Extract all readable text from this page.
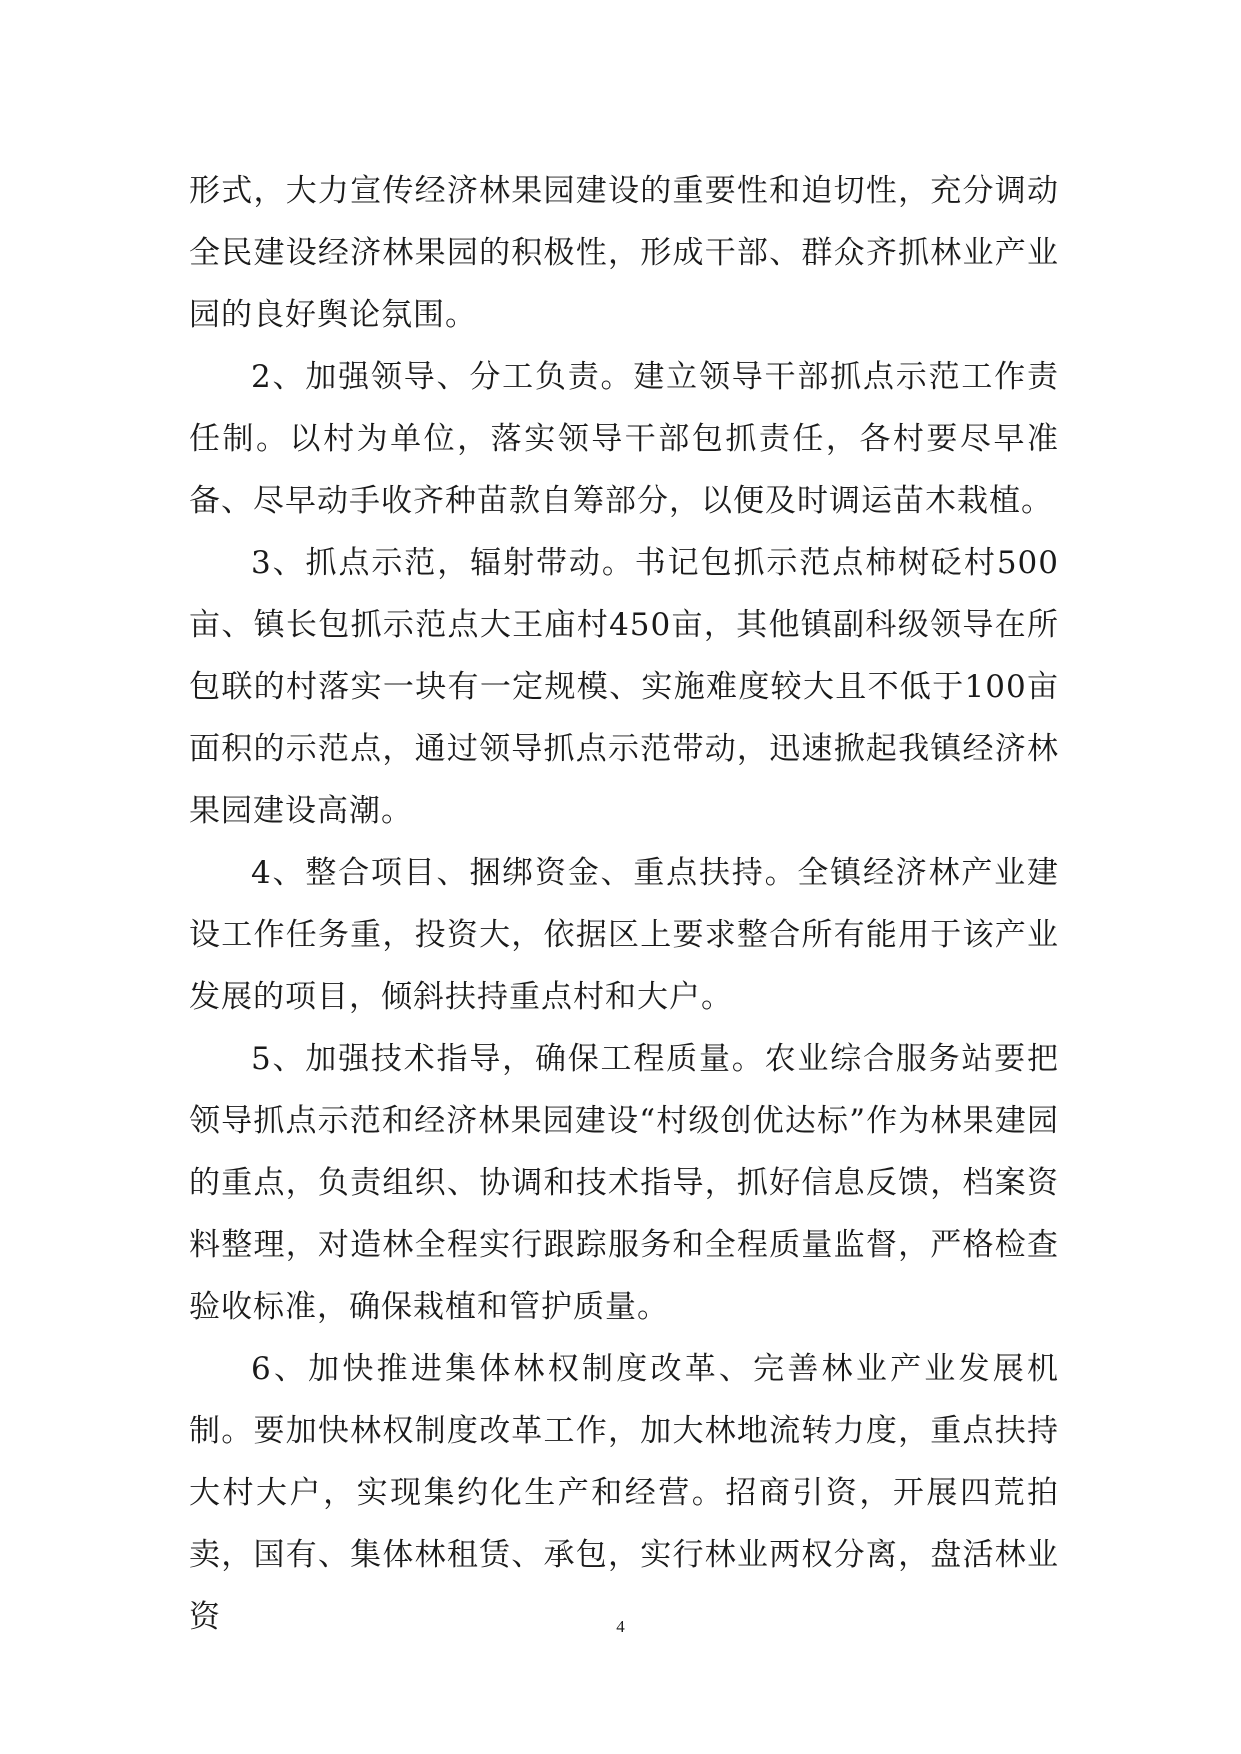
形式，大力宣传经济林果园建设的重要性和迫切性，充分调动全民建设经济林果园的积极性，形成干部、群众齐抓林业产业园的良好舆论氛围。

2、加强领导、分工负责。建立领导干部抓点示范工作责任制。以村为单位，落实领导干部包抓责任，各村要尽早准备、尽早动手收齐种苗款自筹部分，以便及时调运苗木栽植。

3、抓点示范，辐射带动。书记包抓示范点柿树砭村500亩、镇长包抓示范点大王庙村450亩，其他镇副科级领导在所包联的村落实一块有一定规模、实施难度较大且不低于100亩面积的示范点，通过领导抓点示范带动，迅速掀起我镇经济林果园建设高潮。

4、整合项目、捆绑资金、重点扶持。全镇经济林产业建设工作任务重，投资大，依据区上要求整合所有能用于该产业发展的项目，倾斜扶持重点村和大户。

5、加强技术指导，确保工程质量。农业综合服务站要把领导抓点示范和经济林果园建设“村级创优达标”作为林果建园的重点，负责组织、协调和技术指导，抓好信息反馈，档案资料整理，对造林全程实行跟踪服务和全程质量监督，严格检查验收标准，确保栽植和管护质量。

6、加快推进集体林权制度改革、完善林业产业发展机制。要加快林权制度改革工作，加大林地流转力度，重点扶持大村大户，实现集约化生产和经营。招商引资，开展四荒拍卖，国有、集体林租赁、承包，实行林业两权分离，盘活林业资	4
